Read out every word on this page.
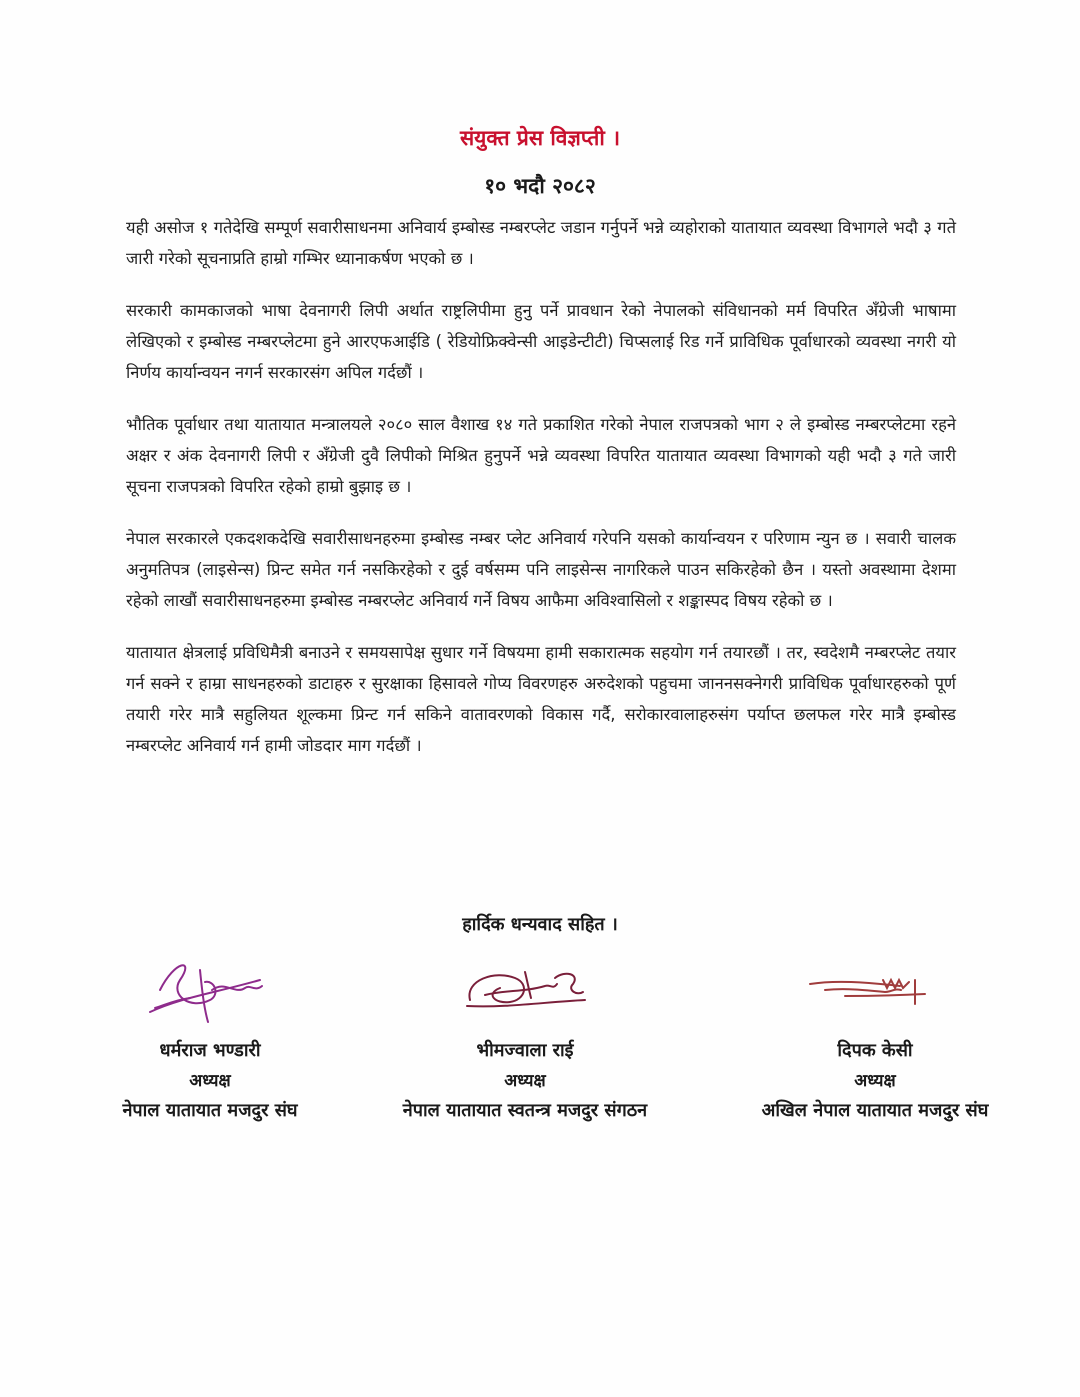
संयुक्त प्रेस विज्ञप्ती ।
१० भदौ २०८२

यही असोज १ गतेदेखि सम्पूर्ण सवारीसाधनमा अनिवार्य इम्बोस्ड नम्बरप्लेट जडान गर्नुपर्ने भन्ने व्यहोराको यातायात व्यवस्था विभागले भदौ ३ गते जारी गरेको सूचनाप्रति हाम्रो गम्भिर ध्यानाकर्षण भएको छ ।

सरकारी कामकाजको भाषा देवनागरी लिपी अर्थात राष्ट्रलिपीमा हुनु पर्ने प्रावधान रेको नेपालको संविधानको मर्म विपरित अँग्रेजी भाषामा लेखिएको र इम्बोस्ड नम्बरप्लेटमा हुने आरएफआईडि ( रेडियोफ्रिक्वेन्सी आइडेन्टीटी) चिप्सलाई रिड गर्ने प्राविधिक पूर्वाधारको व्यवस्था नगरी यो निर्णय कार्यान्वयन नगर्न सरकारसंग अपिल गर्दछौं ।

भौतिक पूर्वाधार तथा यातायात मन्त्रालयले २०८० साल वैशाख १४ गते प्रकाशित गरेको नेपाल राजपत्रको भाग २ ले इम्बोस्ड नम्बरप्लेटमा रहने अक्षर र अंक देवनागरी लिपी र अँग्रेजी दुवै लिपीको मिश्रित हुनुपर्ने भन्ने व्यवस्था विपरित यातायात व्यवस्था विभागको यही भदौ ३ गते जारी सूचना राजपत्रको विपरित रहेको हाम्रो बुझाइ छ ।

नेपाल सरकारले एकदशकदेखि सवारीसाधनहरुमा इम्बोस्ड नम्बर प्लेट अनिवार्य गरेपनि यसको कार्यान्वयन र परिणाम न्युन छ । सवारी चालक अनुमतिपत्र (लाइसेन्स) प्रिन्ट समेत गर्न नसकिरहेको र दुई वर्षसम्म पनि लाइसेन्स नागरिकले पाउन सकिरहेको छैन । यस्तो अवस्थामा देशमा रहेको लाखौं सवारीसाधनहरुमा इम्बोस्ड नम्बरप्लेट अनिवार्य गर्ने विषय आफैमा अविश्वासिलो र शङ्कास्पद विषय रहेको छ ।

यातायात क्षेत्रलाई प्रविधिमैत्री बनाउने र समयसापेक्ष सुधार गर्ने विषयमा हामी सकारात्मक सहयोग गर्न तयारछौं । तर, स्वदेशमै नम्बरप्लेट तयार गर्न सक्ने र हाम्रा साधनहरुको डाटाहरु र सुरक्षाका हिसावले गोप्य विवरणहरु अरुदेशको पहुचमा जाननसक्नेगरी प्राविधिक पूर्वाधारहरुको पूर्ण तयारी गरेर मात्रै सहुलियत शूल्कमा प्रिन्ट गर्न सकिने वातावरणको विकास गर्दै, सरोकारवालाहरुसंग पर्याप्त छलफल गरेर मात्रै इम्बोस्ड नम्बरप्लेट अनिवार्य गर्न हामी जोडदार माग गर्दछौं ।

हार्दिक धन्यवाद सहित ।
धर्मराज भण्डारी
अध्यक्ष
नेपाल यातायात मजदुर संघ
भीमज्वाला राई
अध्यक्ष
नेपाल यातायात स्वतन्त्र मजदुर संगठन
दिपक केसी
अध्यक्ष
अखिल नेपाल यातायात मजदुर संघ
